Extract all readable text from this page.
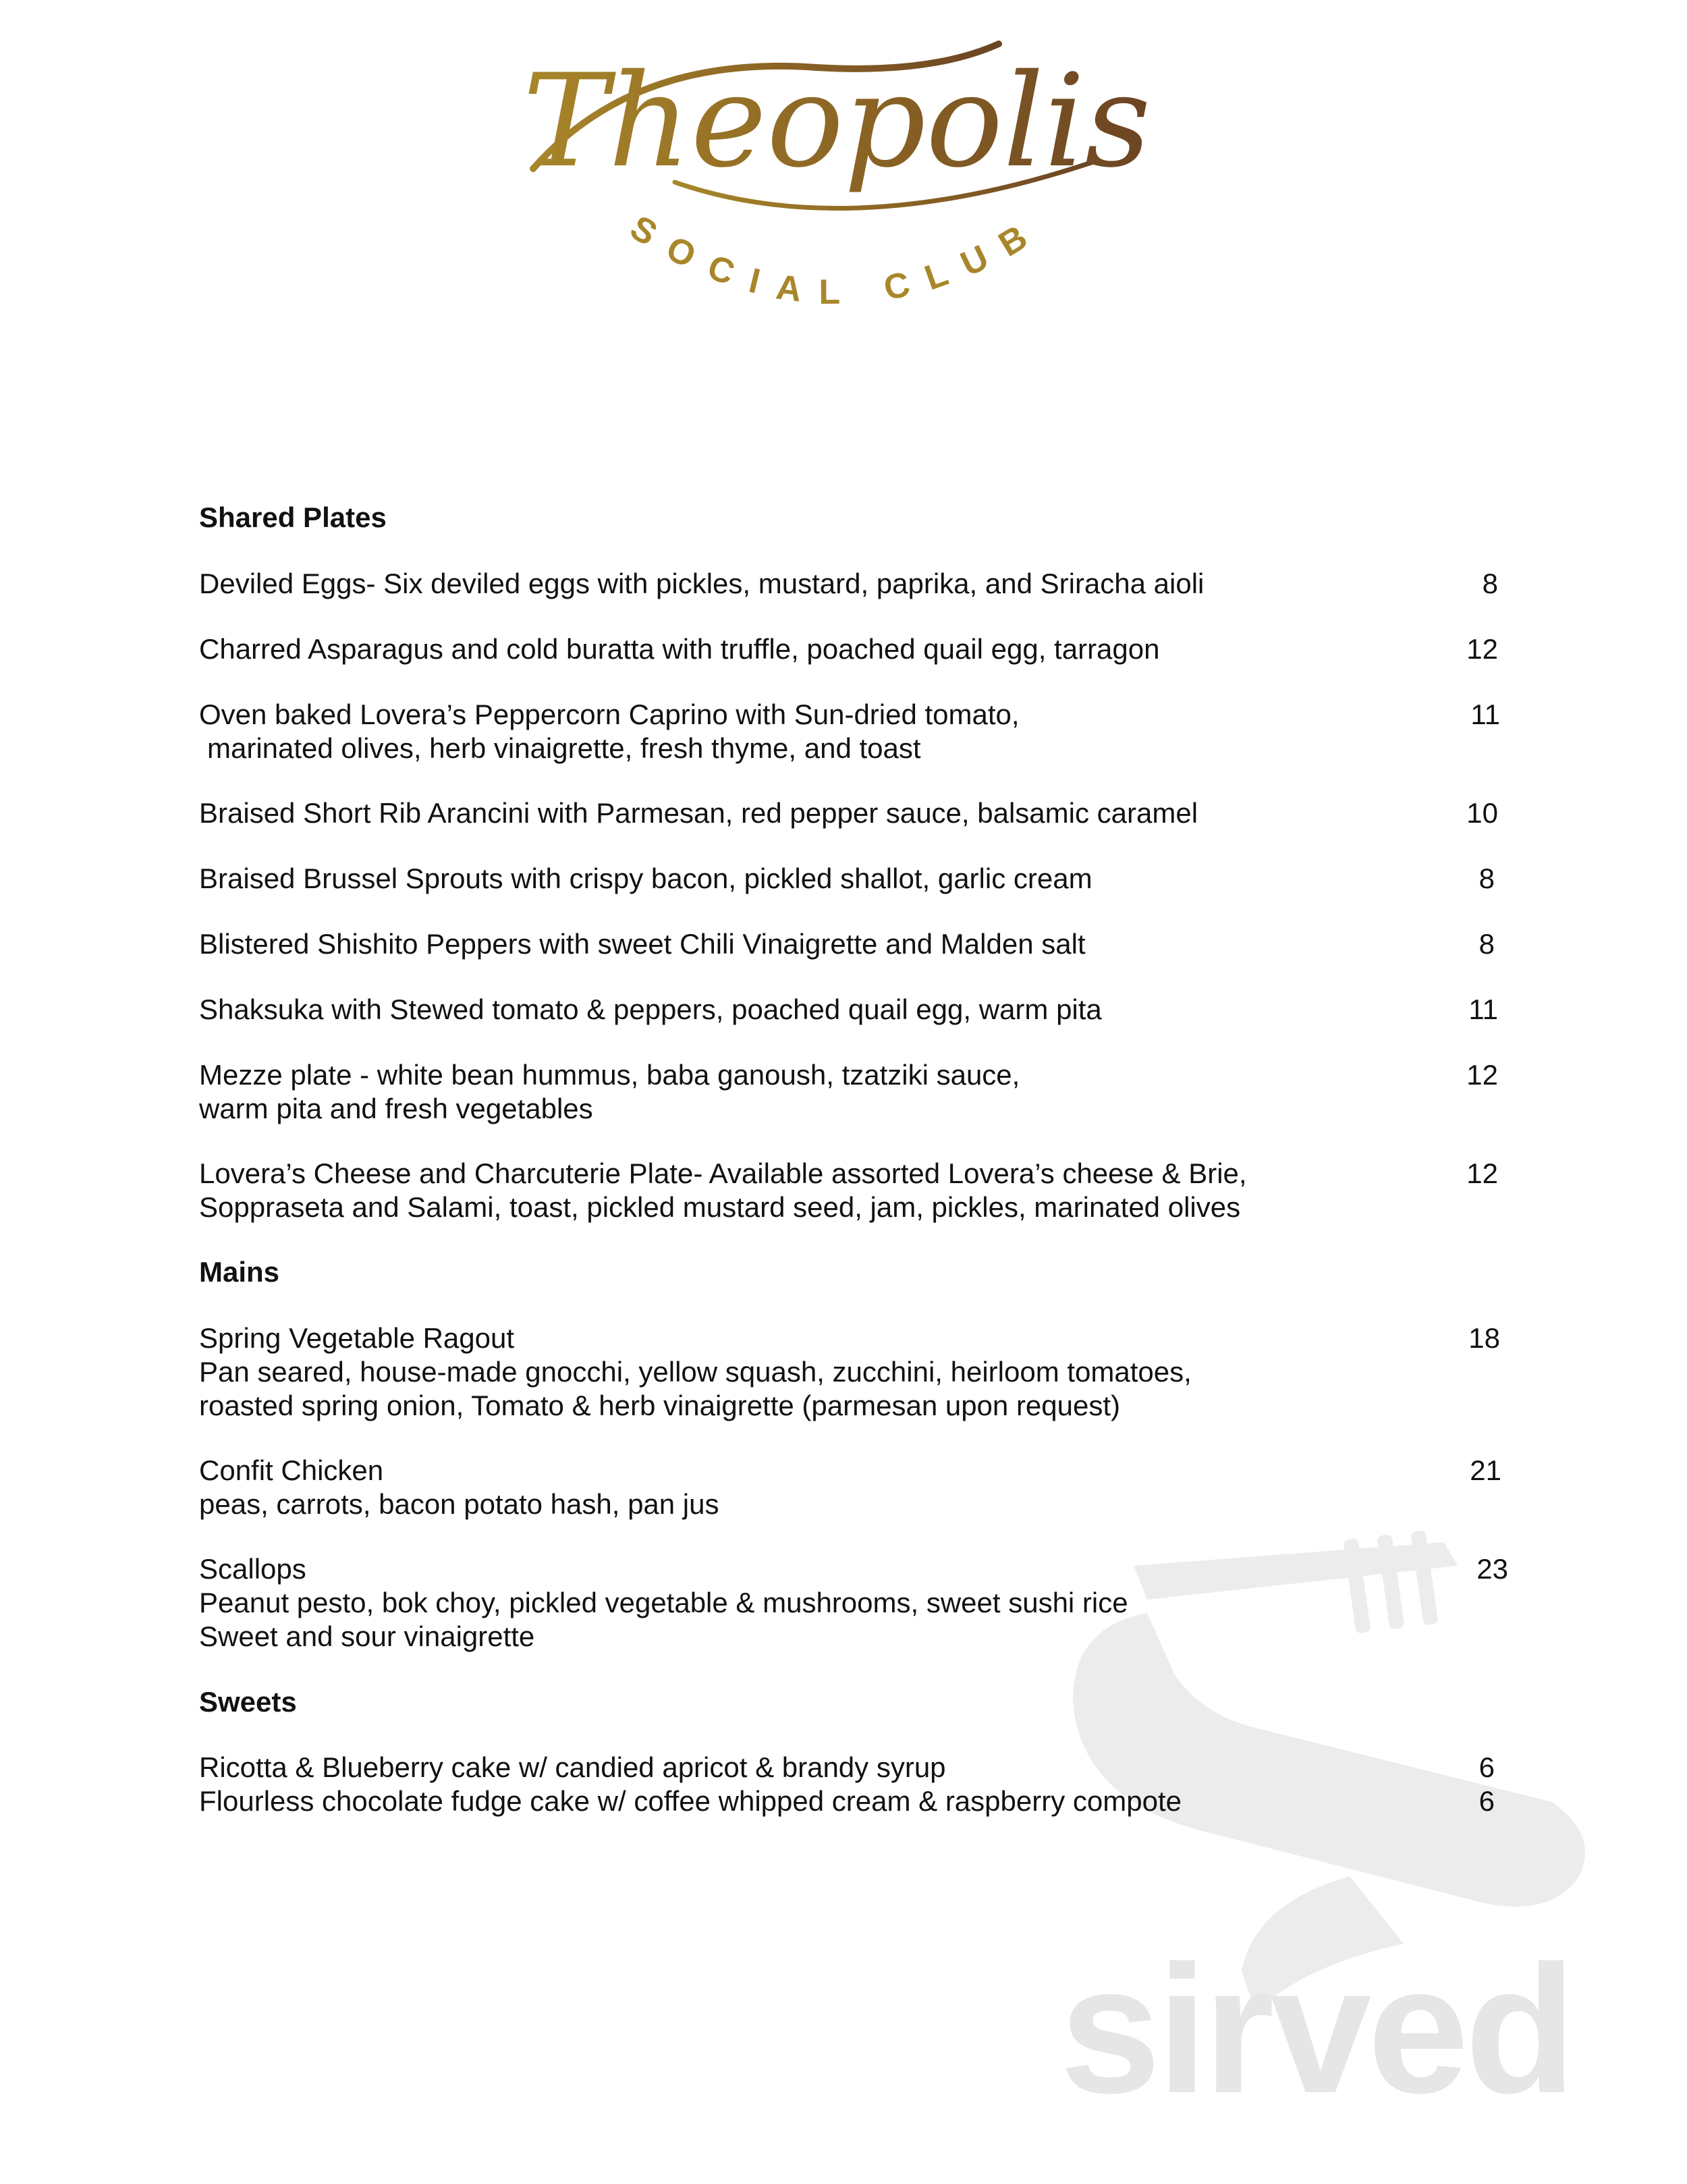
Theopolis
SOCIAL CLUB
sirved
Shared Plates
Deviled Eggs- Six deviled eggs with pickles, mustard, paprika, and Sriracha aioli	8
Charred Asparagus and cold buratta with truffle, poached quail egg, tarragon	12
Oven baked Lovera’s Peppercorn Caprino with Sun-dried tomato,
marinated olives, herb vinaigrette, fresh thyme, and toast
11
Braised Short Rib Arancini with Parmesan, red pepper sauce, balsamic caramel	10
Braised Brussel Sprouts with crispy bacon, pickled shallot, garlic cream	8
Blistered Shishito Peppers with sweet Chili Vinaigrette and Malden salt	8
Shaksuka with Stewed tomato & peppers, poached quail egg, warm pita	11
Mezze plate - white bean hummus, baba ganoush, tzatziki sauce,
warm pita and fresh vegetables
12
Lovera’s Cheese and Charcuterie Plate- Available assorted Lovera’s cheese & Brie,
Soppraseta and Salami, toast, pickled mustard seed, jam, pickles, marinated olives
12
Mains
Spring Vegetable Ragout
Pan seared, house-made gnocchi, yellow squash, zucchini, heirloom tomatoes,
roasted spring onion, Tomato & herb vinaigrette (parmesan upon request)
18
Confit Chicken
peas, carrots, bacon potato hash, pan jus
21
Scallops
Peanut pesto, bok choy, pickled vegetable & mushrooms, sweet sushi rice
Sweet and sour vinaigrette
23
Sweets
Ricotta & Blueberry cake w/ candied apricot & brandy syrup	6
Flourless chocolate fudge cake w/ coffee whipped cream & raspberry compote	6
